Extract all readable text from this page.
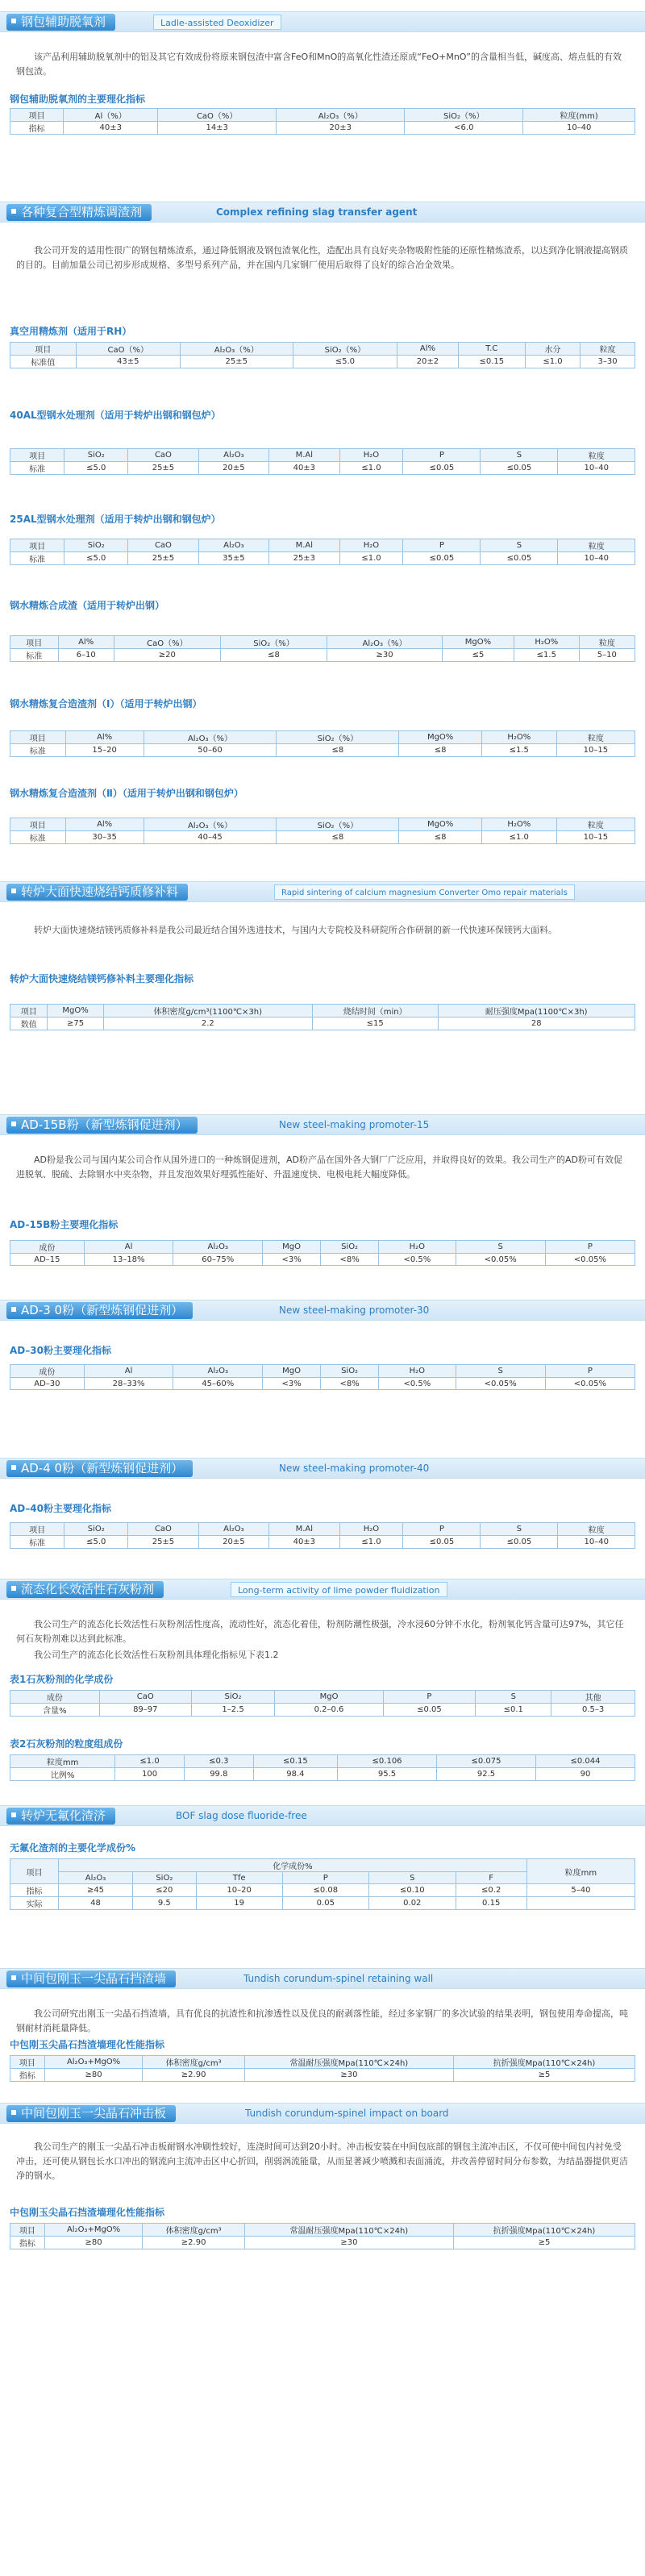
钢包辅助脱氧剂	Ladle-assisted Deoxidizer
该产品利用辅助脱氧剂中的铝及其它有效成份将原来钢包渣中富含FeO和MnO的高氧化性渣还原成“FeO+MnO”的含量相当低，碱度高、熔点低的有效钢包渣。
钢包辅助脱氧剂的主要理化指标
项目	Al（%）	CaO（%）	Al₂O₃（%）	SiO₂（%）	粒度(mm)
指标	40±3	14±3	20±3	<6.0	10–40
各种复合型精炼调渣剂	Complex refining slag transfer agent
我公司开发的适用性很广的钢包精炼渣系，通过降低钢液及钢包渣氧化性，造配出具有良好夹杂物吸附性能的还原性精炼渣系，以达到净化钢液提高钢质的目的。目前加量公司已初步形成规格、多型号系列产品，并在国内几家钢厂使用后取得了良好的综合冶金效果。
真空用精炼剂（适用于RH）
项目	CaO（%）	Al₂O₃（%）	SiO₂（%）	Al%	T.C	水分	粒度
标准值	43±5	25±5	≤5.0	20±2	≤0.15	≤1.0	3–30
40AL型钢水处理剂（适用于转炉出钢和钢包炉）
项目	SiO₂	CaO	Al₂O₃	M.Al	H₂O	P	S	粒度
标准	≤5.0	25±5	20±5	40±3	≤1.0	≤0.05	≤0.05	10–40
25AL型钢水处理剂（适用于转炉出钢和钢包炉）
项目	SiO₂	CaO	Al₂O₃	M.Al	H₂O	P	S	粒度
标准	≤5.0	25±5	35±5	25±3	≤1.0	≤0.05	≤0.05	10–40
钢水精炼合成渣（适用于转炉出钢）
项目	Al%	CaO（%）	SiO₂（%）	Al₂O₃（%）	MgO%	H₂O%	粒度
标准	6–10	≥20	≤8	≥30	≤5	≤1.5	5–10
钢水精炼复合造渣剂（Ⅰ）（适用于转炉出钢）
项目	Al%	Al₂O₃（%）	SiO₂（%）	MgO%	H₂O%	粒度
标准	15–20	50–60	≤8	≤8	≤1.5	10–15
钢水精炼复合造渣剂（Ⅱ）（适用于转炉出钢和钢包炉）
项目	Al%	Al₂O₃（%）	SiO₂（%）	MgO%	H₂O%	粒度
标准	30–35	40–45	≤8	≤8	≤1.0	10–15
转炉大面快速烧结钙质修补料	Rapid sintering of calcium magnesium Converter Omo repair materials
转炉大面快速烧结镁钙质修补料是我公司最近结合国外选进技术，与国内大专院校及科研院所合作研制的新一代快速环保镁钙大面料。
转炉大面快速烧结镁钙修补料主要理化指标
项目	MgO%	体积密度g/cm³(1100℃×3h)	烧结时间（min）	耐压强度Mpa(1100℃×3h)
数值	≥75	2.2	≤15	28
AD-15B粉（新型炼钢促进剂）	New steel-making promoter-15
AD粉是我公司与国内某公司合作从国外进口的一种炼钢促进剂，AD粉产品在国外各大钢厂广泛应用，并取得良好的效果。我公司生产的AD粉可有效促进脱氧、脱硫、去除钢水中夹杂物，并且发泡效果好埋弧性能好、升温速度快、电极电耗大幅度降低。
AD-15B粉主要理化指标
成份	Al	Al₂O₃	MgO	SiO₂	H₂O	S	P
AD–15	13–18%	60–75%	<3%	<8%	<0.5%	<0.05%	<0.05%
AD-3 0粉（新型炼钢促进剂）	New steel-making promoter-30
AD–30粉主要理化指标
成份	Al	Al₂O₃	MgO	SiO₂	H₂O	S	P
AD–30	28–33%	45–60%	<3%	<8%	<0.5%	<0.05%	<0.05%
AD-4 0粉（新型炼钢促进剂）	New steel-making promoter-40
AD–40粉主要理化指标
项目	SiO₂	CaO	Al₂O₃	M.Al	H₂O	P	S	粒度
标准	≤5.0	25±5	20±5	40±3	≤1.0	≤0.05	≤0.05	10–40
流态化长效活性石灰粉剂	Long-term activity of lime powder fluidization
我公司生产的流态化长效活性石灰粉剂活性度高，流动性好，流态化着佳，粉剂防潮性极强，冷水浸60分钟不水化，粉剂氧化钙含量可达97%，其它任何石灰粉剂难以达到此标准。
我公司生产的流态化长效活性石灰粉剂具体理化指标见下表1.2
表1石灰粉剂的化学成份
成份	CaO	SiO₂	MgO	P	S	其他
含量%	89–97	1–2.5	0.2–0.6	≤0.05	≤0.1	0.5–3
表2石灰粉剂的粒度组成份
粒度mm	≤1.0	≤0.3	≤0.15	≤0.106	≤0.075	≤0.044
比例%	100	99.8	98.4	95.5	92.5	90
转炉无氟化渣济	BOF slag dose fluoride-free
无氟化渣剂的主要化学成份%
项目	化学成份%						粒度mm
	Al₂O₃	SiO₂	Tfe	P	S	F	
指标	≥45	≤20	10–20	≤0.08	≤0.10	≤0.2	5–40
实际	48	9.5	19	0.05	0.02	0.15	
中间包刚玉一尖晶石挡渣墙	Tundish corundum-spinel retaining wall
我公司研究出刚玉一尖晶石挡渣墙，具有优良的抗渣性和抗渗透性以及优良的耐剥落性能，经过多家钢厂的多次试验的结果表明，钢包使用寿命提高，吨钢耐材消耗量降低。
中包刚玉尖晶石挡渣墙理化性能指标
项目	Al₂O₃+MgO%	体积密度g/cm³	常温耐压强度Mpa(110℃×24h)	抗折强度Mpa(110℃×24h)
指标	≥80	≥2.90	≥30	≥5
中间包刚玉一尖晶石冲击板	Tundish corundum-spinel impact on board
我公司生产的刚玉一尖晶石冲击板耐钢水冲刷性较好，连浇时间可达到20小时。冲击板安装在中间包底部的钢包主流冲击区，不仅可使中间包内衬免受冲击，还可使从钢包长水口冲出的钢流向主流冲击区中心折回，削弱涡流能量，从而显著减少喷溅和表面涌流，并改善停留时间分布参数，为结晶器提供更洁净的钢水。
中包刚玉尖晶石挡渣墙理化性能指标
项目	Al₂O₃+MgO%	体积密度g/cm³	常温耐压强度Mpa(110℃×24h)	抗折强度Mpa(110℃×24h)
指标	≥80	≥2.90	≥30	≥5
